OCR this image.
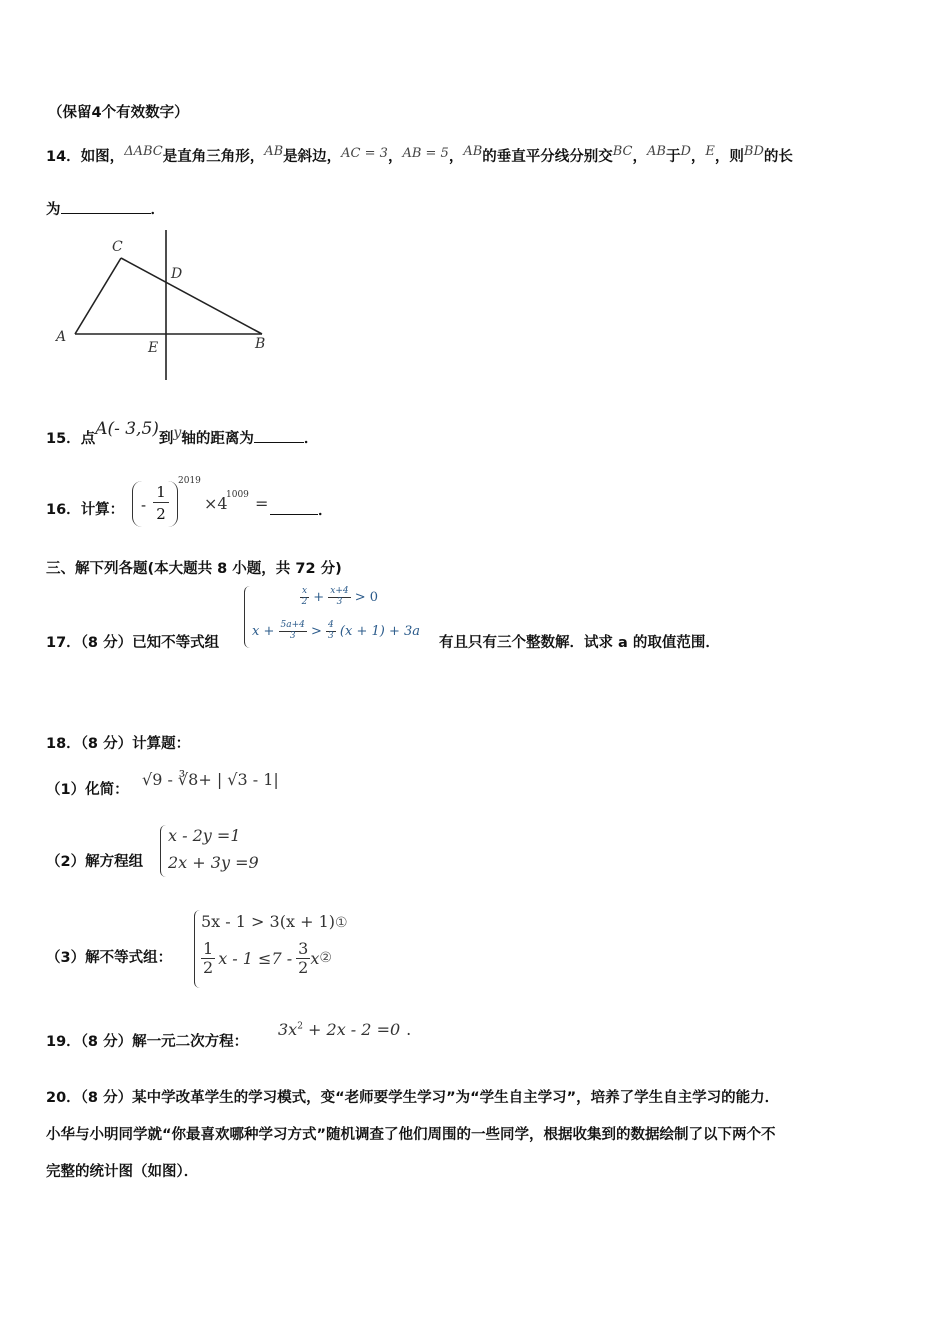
（保留4个有效数字）
14．如图，ΔABC是直角三角形，AB是斜边，AC = 3，AB = 5，AB的垂直平分线分别交BC，AB于D，E，则BD的长
为	．
C
D
A	B
E
15．点A(- 3,5)到y轴的距离为	．
16．计算： - $\frac{1}{2}$
2019
×4
1009 =	．
三、解下列各题(本大题共 8 小题，共 72 分)
17．（8 分）已知不等式组
$\frac{x}{2} + \frac{x+4}{3} > 0$
$x + \frac{5a+4}{3} > \frac{4}{3} (x + 1) + 3a$
有且只有三个整数解．试求 a 的取值范围．
18．（8 分）计算题：
（1）化简：
√9 - ∛8+ | √3 - 1|
（2）解方程组
x - 2y =1
2x + 3y =9
（3）解不等式组：
5x - 1 > 3(x + 1)①
$\frac{1}{2}$ $x - 1 \le 7 - \frac{3}{2}$ x ②
19．（8 分）解一元二次方程：
$3x^2 + 2x - 2 =0$ .
20．（8 分）某中学改革学生的学习模式，变“老师要学生学习”为“学生自主学习”，培养了学生自主学习的能力．
小华与小明同学就“你最喜欢哪种学习方式”随机调查了他们周围的一些同学，根据收集到的数据绘制了以下两个不
完整的统计图（如图）．
